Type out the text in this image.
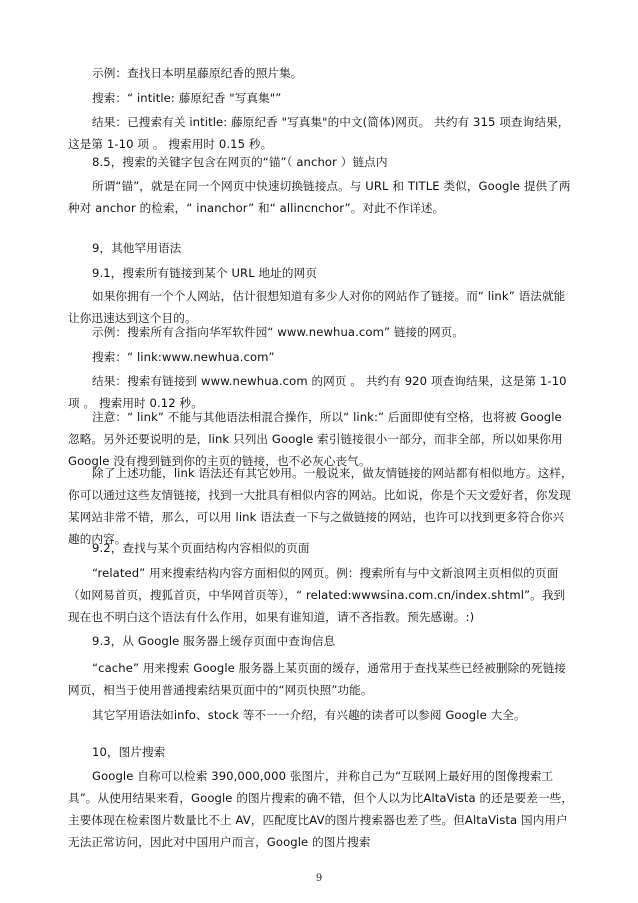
示例：查找日本明星藤原纪香的照片集。

搜索：“ intitle: 藤原纪香 "写真集"”

结果：已搜索有关 intitle: 藤原纪香 "写真集"的中文(简体)网页。 共约有 315 项查询结果，这是第 1-10 项 。 搜索用时 0.15 秒。

8.5，搜索的关键字包含在网页的“锚”（ anchor ）链点内

所谓“锚”，就是在同一个网页中快速切换链接点。与 URL 和 TITLE 类似，Google 提供了两种对 anchor 的检索，“ inanchor” 和“ allincnchor”。对此不作详述。

9，其他罕用语法

9.1，搜索所有链接到某个 URL 地址的网页

如果你拥有一个个人网站，估计很想知道有多少人对你的网站作了链接。而“ link” 语法就能让你迅速达到这个目的。

示例：搜索所有含指向华军软件园“ www.newhua.com” 链接的网页。

搜索：“ link:www.newhua.com”

结果：搜索有链接到 www.newhua.com 的网页 。 共约有 920 项查询结果，这是第 1-10 项 。 搜索用时 0.12 秒。

注意：“ link” 不能与其他语法相混合操作，所以“ link:” 后面即使有空格，也将被 Google 忽略。另外还要说明的是，link 只列出 Google 索引链接很小一部分，而非全部，所以如果你用 Google 没有搜到链到你的主页的链接，也不必灰心丧气。

除了上述功能，link 语法还有其它妙用。一般说来，做友情链接的网站都有相似地方。这样，你可以通过这些友情链接，找到一大批具有相似内容的网站。比如说，你是个天文爱好者，你发现某网站非常不错，那么，可以用 link 语法查一下与之做链接的网站，也许可以找到更多符合你兴趣的内容。

9.2，查找与某个页面结构内容相似的页面

“related” 用来搜索结构内容方面相似的网页。例：搜索所有与中文新浪网主页相似的页面（如网易首页，搜狐首页，中华网首页等），“ related:wwwsina.com.cn/index.shtml”。我到现在也不明白这个语法有什么作用，如果有谁知道，请不吝指教。预先感谢。:)

9.3，从 Google 服务器上缓存页面中查询信息

“cache” 用来搜索 Google 服务器上某页面的缓存，通常用于查找某些已经被删除的死链接网页，相当于使用普通搜索结果页面中的“网页快照”功能。

其它罕用语法如info、stock 等不一一介绍，有兴趣的读者可以参阅 Google 大全。

10，图片搜索

Google 自称可以检索 390,000,000 张图片，并称自己为“互联网上最好用的图像搜索工具”。从使用结果来看，Google 的图片搜索的确不错，但个人以为比AltaVista 的还是要差一些，主要体现在检索图片数量比不上 AV，匹配度比AV的图片搜索器也差了些。但AltaVista 国内用户无法正常访问，因此对中国用户而言，Google 的图片搜索

9
